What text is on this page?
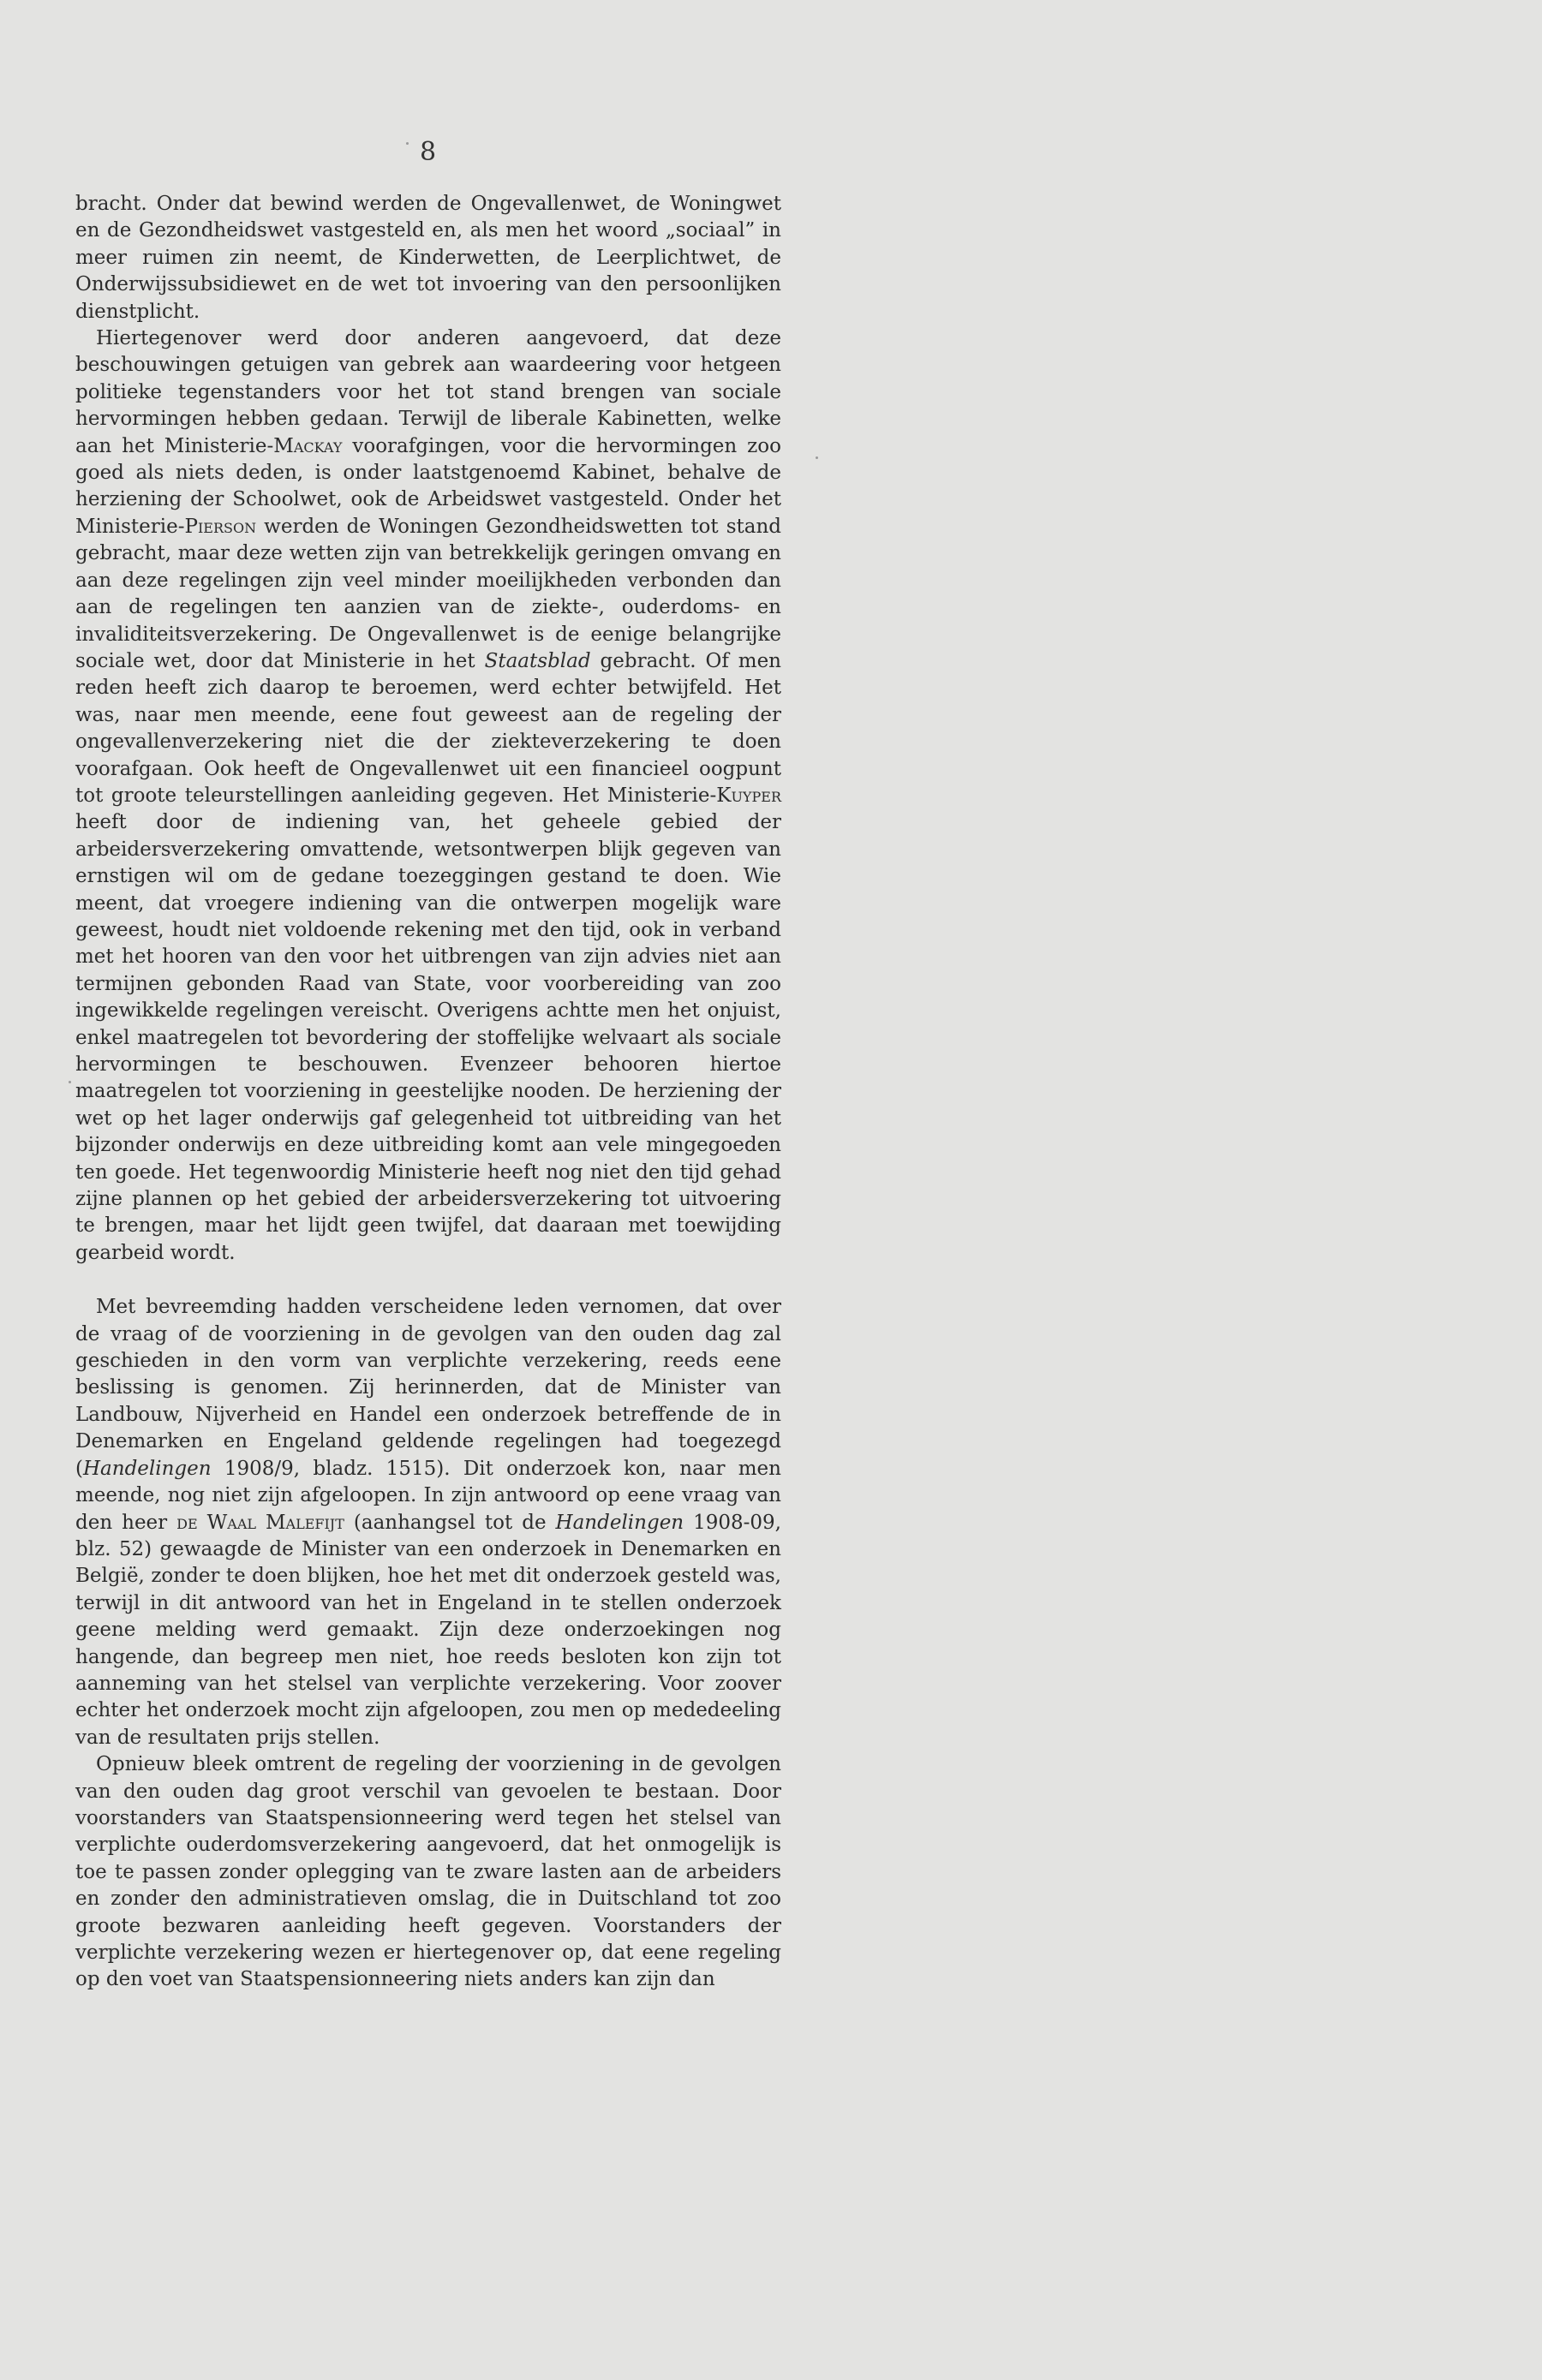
8

bracht. Onder dat bewind werden de Ongevallenwet, de Woningwet en de Gezondheidswet vastgesteld en, als men het woord „sociaal” in meer ruimen zin neemt, de Kinderwetten, de Leerplichtwet, de Onderwijssubsidiewet en de wet tot invoering van den persoonlijken dienstplicht.

Hiertegenover werd door anderen aangevoerd, dat deze beschouwingen getuigen van gebrek aan waardeering voor hetgeen politieke tegenstanders voor het tot stand brengen van sociale hervormingen hebben gedaan. Terwijl de liberale Kabinetten, welke aan het Ministerie-Mackay voorafgingen, voor die hervormingen zoo goed als niets deden, is onder laatstgenoemd Kabinet, behalve de herziening der Schoolwet, ook de Arbeidswet vastgesteld. Onder het Ministerie-Pierson werden de Woningen Gezondheidswetten tot stand gebracht, maar deze wetten zijn van betrekkelijk geringen omvang en aan deze regelingen zijn veel minder moeilijkheden verbonden dan aan de regelingen ten aanzien van de ziekte-, ouderdoms- en invaliditeitsverzekering. De Ongevallenwet is de eenige belangrijke sociale wet, door dat Ministerie in het Staatsblad gebracht. Of men reden heeft zich daarop te beroemen, werd echter betwijfeld. Het was, naar men meende, eene fout geweest aan de regeling der ongevallenverzekering niet die der ziekteverzekering te doen voorafgaan. Ook heeft de Ongevallenwet uit een financieel oogpunt tot groote teleurstellingen aanleiding gegeven. Het Ministerie-Kuyper heeft door de indiening van, het geheele gebied der arbeidersverzekering omvattende, wetsontwerpen blijk gegeven van ernstigen wil om de gedane toezeggingen gestand te doen. Wie meent, dat vroegere indiening van die ontwerpen mogelijk ware geweest, houdt niet voldoende rekening met den tijd, ook in verband met het hooren van den voor het uitbrengen van zijn advies niet aan termijnen gebonden Raad van State, voor voorbereiding van zoo ingewikkelde regelingen vereischt. Overigens achtte men het onjuist, enkel maatregelen tot bevordering der stoffelijke welvaart als sociale hervormingen te beschouwen. Evenzeer behooren hiertoe maatregelen tot voorziening in geestelijke nooden. De herziening der wet op het lager onderwijs gaf gelegenheid tot uitbreiding van het bijzonder onderwijs en deze uitbreiding komt aan vele mingegoeden ten goede. Het tegenwoordig Ministerie heeft nog niet den tijd gehad zijne plannen op het gebied der arbeidersverzekering tot uitvoering te brengen, maar het lijdt geen twijfel, dat daaraan met toewijding gearbeid wordt.

Met bevreemding hadden verscheidene leden vernomen, dat over de vraag of de voorziening in de gevolgen van den ouden dag zal geschieden in den vorm van verplichte verzekering, reeds eene beslissing is genomen. Zij herinnerden, dat de Minister van Landbouw, Nijverheid en Handel een onderzoek betreffende de in Denemarken en Engeland geldende regelingen had toegezegd (Handelingen 1908/9, bladz. 1515). Dit onderzoek kon, naar men meende, nog niet zijn afgeloopen. In zijn antwoord op eene vraag van den heer de Waal Malefijt (aanhangsel tot de Handelingen 1908-09, blz. 52) gewaagde de Minister van een onderzoek in Denemarken en België, zonder te doen blijken, hoe het met dit onderzoek gesteld was, terwijl in dit antwoord van het in Engeland in te stellen onderzoek geene melding werd gemaakt. Zijn deze onderzoekingen nog hangende, dan begreep men niet, hoe reeds besloten kon zijn tot aanneming van het stelsel van verplichte verzekering. Voor zoover echter het onderzoek mocht zijn afgeloopen, zou men op mededeeling van de resultaten prijs stellen.

Opnieuw bleek omtrent de regeling der voorziening in de gevolgen van den ouden dag groot verschil van gevoelen te bestaan. Door voorstanders van Staatspensionneering werd tegen het stelsel van verplichte ouderdomsverzekering aangevoerd, dat het onmogelijk is toe te passen zonder oplegging van te zware lasten aan de arbeiders en zonder den administratieven omslag, die in Duitschland tot zoo groote bezwaren aanleiding heeft gegeven. Voorstanders der verplichte verzekering wezen er hiertegenover op, dat eene regeling op den voet van Staatspensionneering niets anders kan zijn dan
